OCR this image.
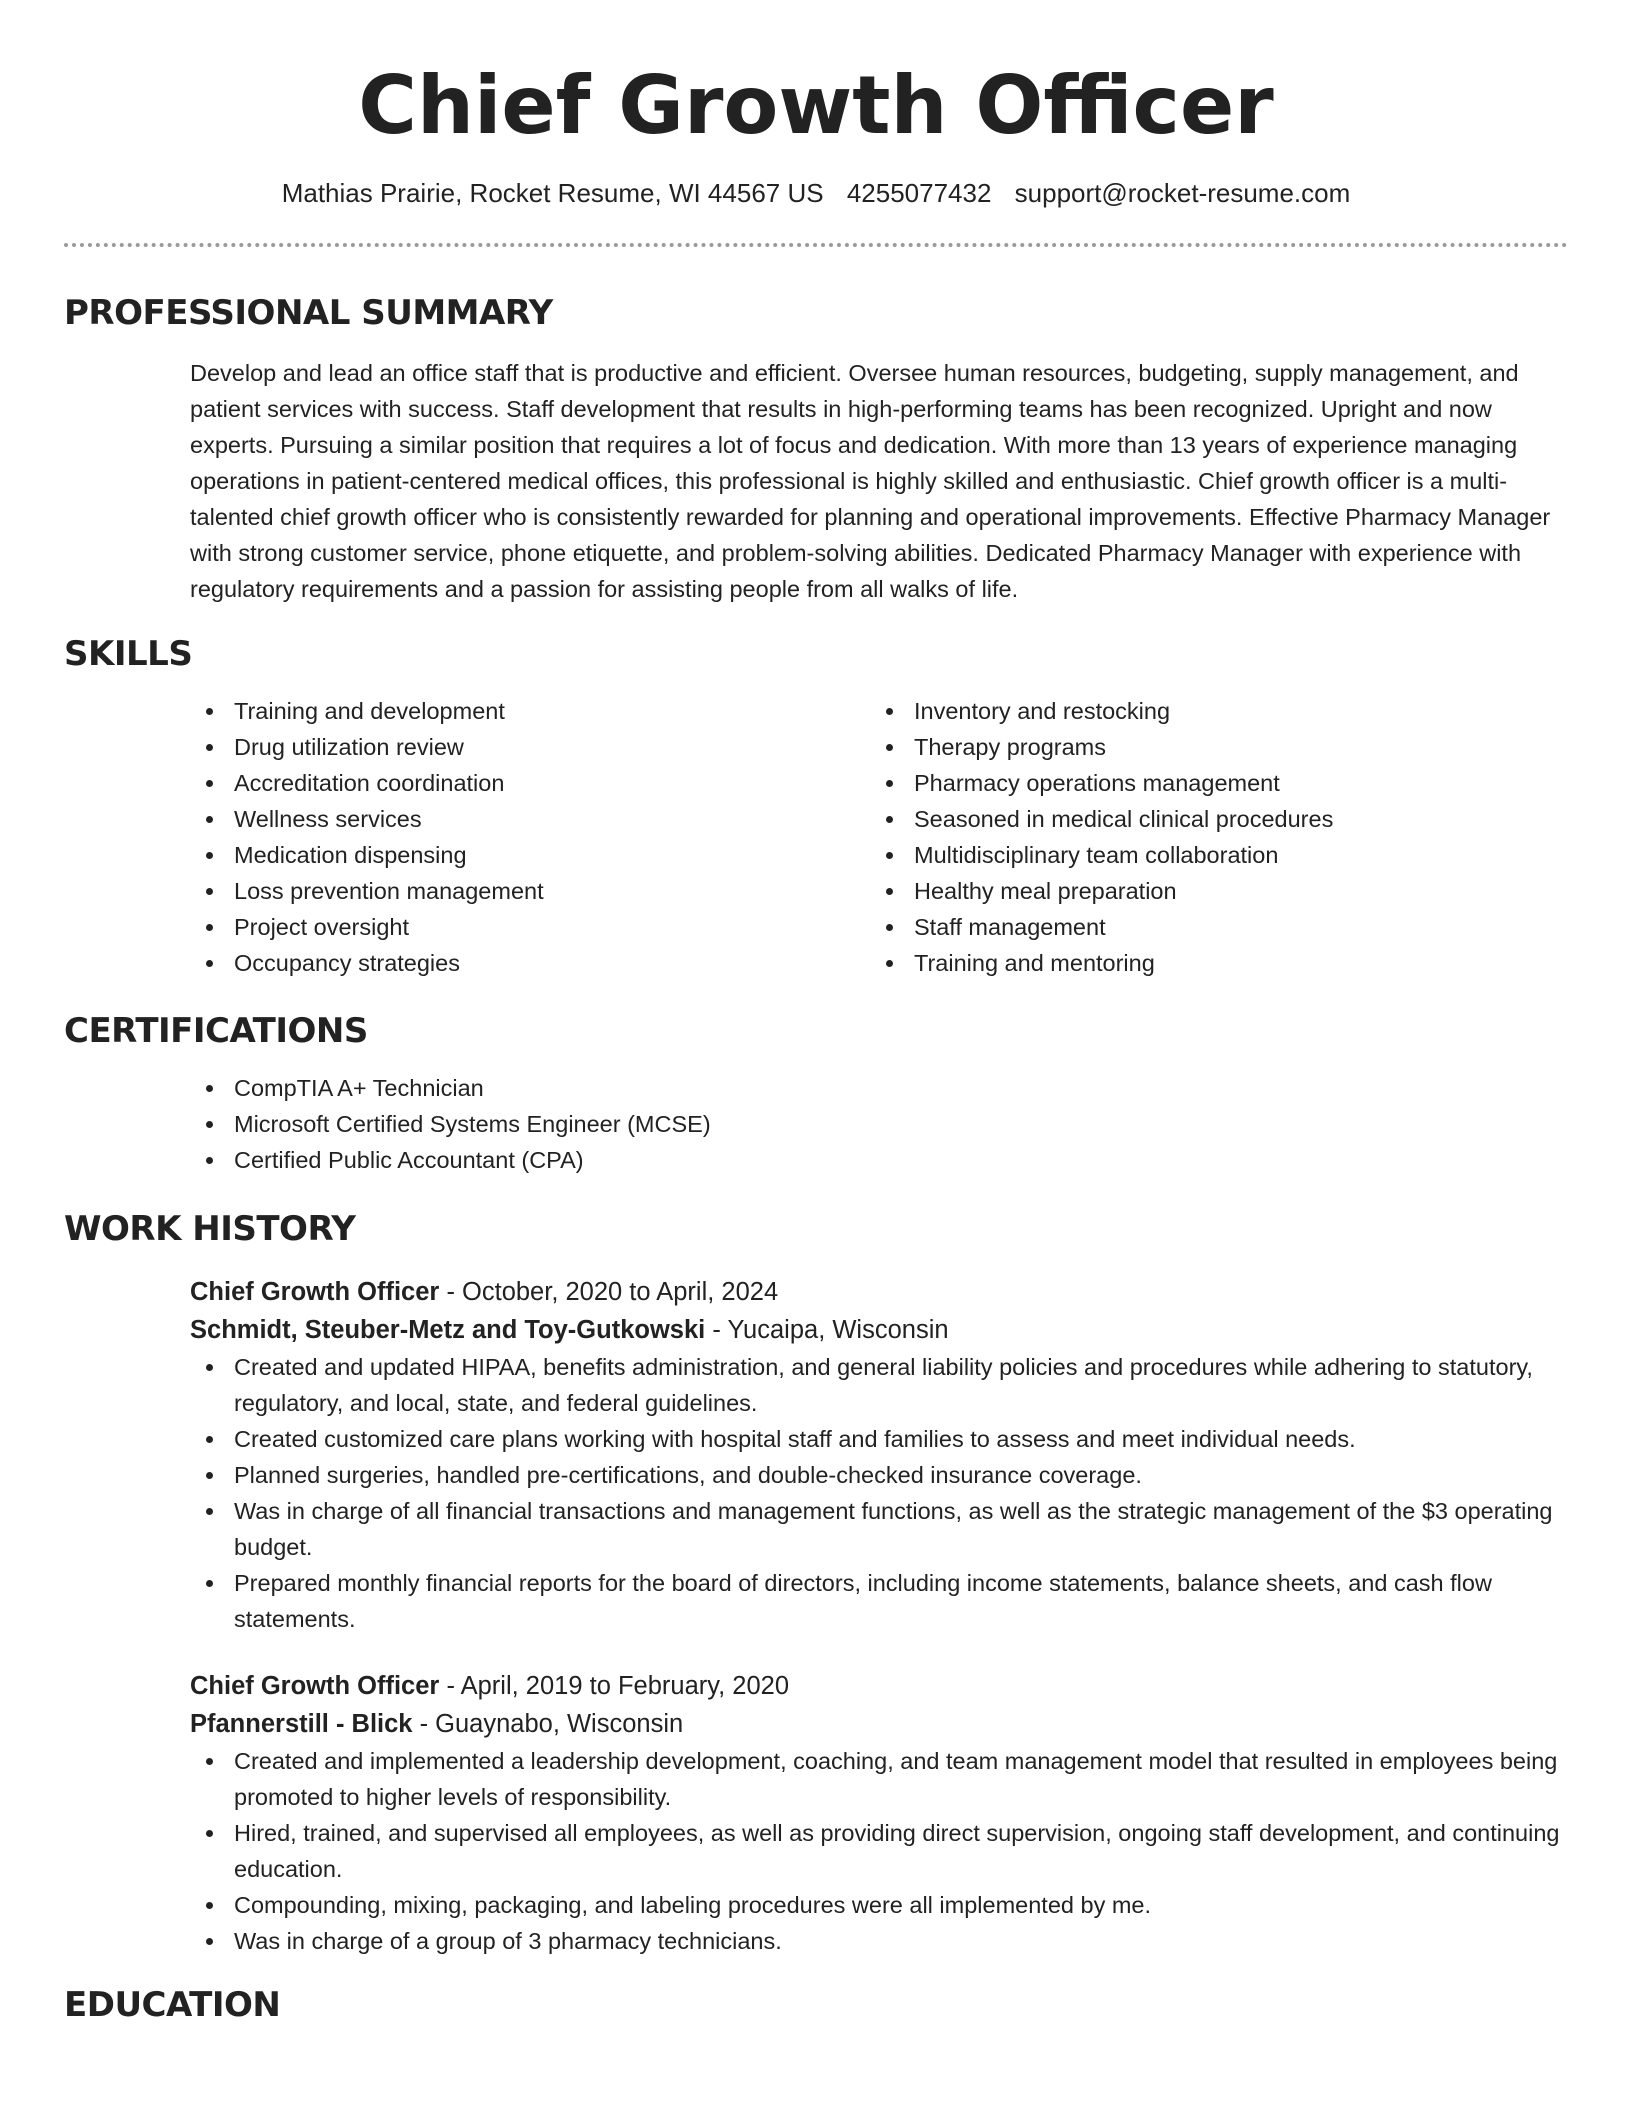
Chief Growth Officer
Mathias Prairie, Rocket Resume, WI 44567 US 4255077432 support@rocket-resume.com
PROFESSIONAL SUMMARY

Develop and lead an office staff that is productive and efficient. Oversee human resources, budgeting, supply management, and patient services with success. Staff development that results in high-performing teams has been recognized. Upright and now experts. Pursuing a similar position that requires a lot of focus and dedication. With more than 13 years of experience managing operations in patient-centered medical offices, this professional is highly skilled and enthusiastic. Chief growth officer is a multi-talented chief growth officer who is consistently rewarded for planning and operational improvements. Effective Pharmacy Manager with strong customer service, phone etiquette, and problem-solving abilities. Dedicated Pharmacy Manager with experience with regulatory requirements and a passion for assisting people from all walks of life.

SKILLS
Training and development
Drug utilization review
Accreditation coordination
Wellness services
Medication dispensing
Loss prevention management
Project oversight
Occupancy strategies
Inventory and restocking
Therapy programs
Pharmacy operations management
Seasoned in medical clinical procedures
Multidisciplinary team collaboration
Healthy meal preparation
Staff management
Training and mentoring
CERTIFICATIONS
CompTIA A+ Technician
Microsoft Certified Systems Engineer (MCSE)
Certified Public Accountant (CPA)
WORK HISTORY
Chief Growth Officer - October, 2020 to April, 2024
Schmidt, Steuber-Metz and Toy-Gutkowski - Yucaipa, Wisconsin
Created and updated HIPAA, benefits administration, and general liability policies and procedures while adhering to statutory, regulatory, and local, state, and federal guidelines.
Created customized care plans working with hospital staff and families to assess and meet individual needs.
Planned surgeries, handled pre-certifications, and double-checked insurance coverage.
Was in charge of all financial transactions and management functions, as well as the strategic management of the $3 operating budget.
Prepared monthly financial reports for the board of directors, including income statements, balance sheets, and cash flow statements.
Chief Growth Officer - April, 2019 to February, 2020
Pfannerstill - Blick - Guaynabo, Wisconsin
Created and implemented a leadership development, coaching, and team management model that resulted in employees being promoted to higher levels of responsibility.
Hired, trained, and supervised all employees, as well as providing direct supervision, ongoing staff development, and continuing education.
Compounding, mixing, packaging, and labeling procedures were all implemented by me.
Was in charge of a group of 3 pharmacy technicians.
EDUCATION
